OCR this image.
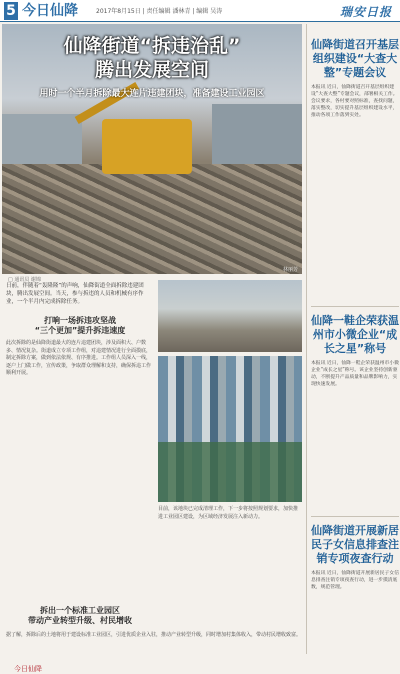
5 今日仙降	2017年8月15日 | 责任编辑 潘林青 | 编辑 吴涛	瑞安日报
仙降街道“拆违治乱”
腾出发展空间
用时一个半月拆除最大连片违建团块，准备建设工业园区
林丽芳
□ 通讯员 谢锦
日前，伴随着“轰隆隆”的声响，仙降街道全面拆除违建团块，腾出发展空间。当天，参与拆违的人员和机械有序作业，一个半月内完成拆除任务。
打响一场拆违攻坚战
“三个更加”提升拆违速度
此次拆除的是仙降街道最大的连片违建团块，涉及面积大、户数多、情况复杂。街道成立专项工作组，对违建情况进行全面摸底，制定拆除方案，做到依法依规、有序推进。工作组人员深入一线，逐户上门做工作，宣传政策，争取群众理解和支持，确保拆违工作顺利开展。
目前，该地块已完成清理工作，下一步将按照规划要求，加快推进工业园区建设，为区域经济发展注入新动力。
拆出一个标准工业园区
带动产业转型升级、村民增收
据了解，拆除后的土地将用于建设标准工业园区，引进优质企业入驻，推动产业转型升级，同时增加村集体收入，带动村民增收致富。
今日仙降
仙降街道召开基层组织建设“大查大整”专题会议
本报讯 近日，仙降街道召开基层组织建设“大查大整”专题会议，部署相关工作。会议要求，各村要对照标准，查找问题，落实整改，切实提升基层组织建设水平，推动各项工作落到实处。
仙降一鞋企荣获温州市小微企业“成长之星”称号
本报讯 近日，仙降一鞋企荣获温州市小微企业“成长之星”称号。该企业坚持创新驱动，不断提升产品质量和品牌影响力，实现快速发展。
仙降街道开展新居民子女信息排查注销专项夜查行动
本报讯 近日，仙降街道开展新居民子女信息排查注销专项夜查行动，进一步摸清底数，规范管理。
